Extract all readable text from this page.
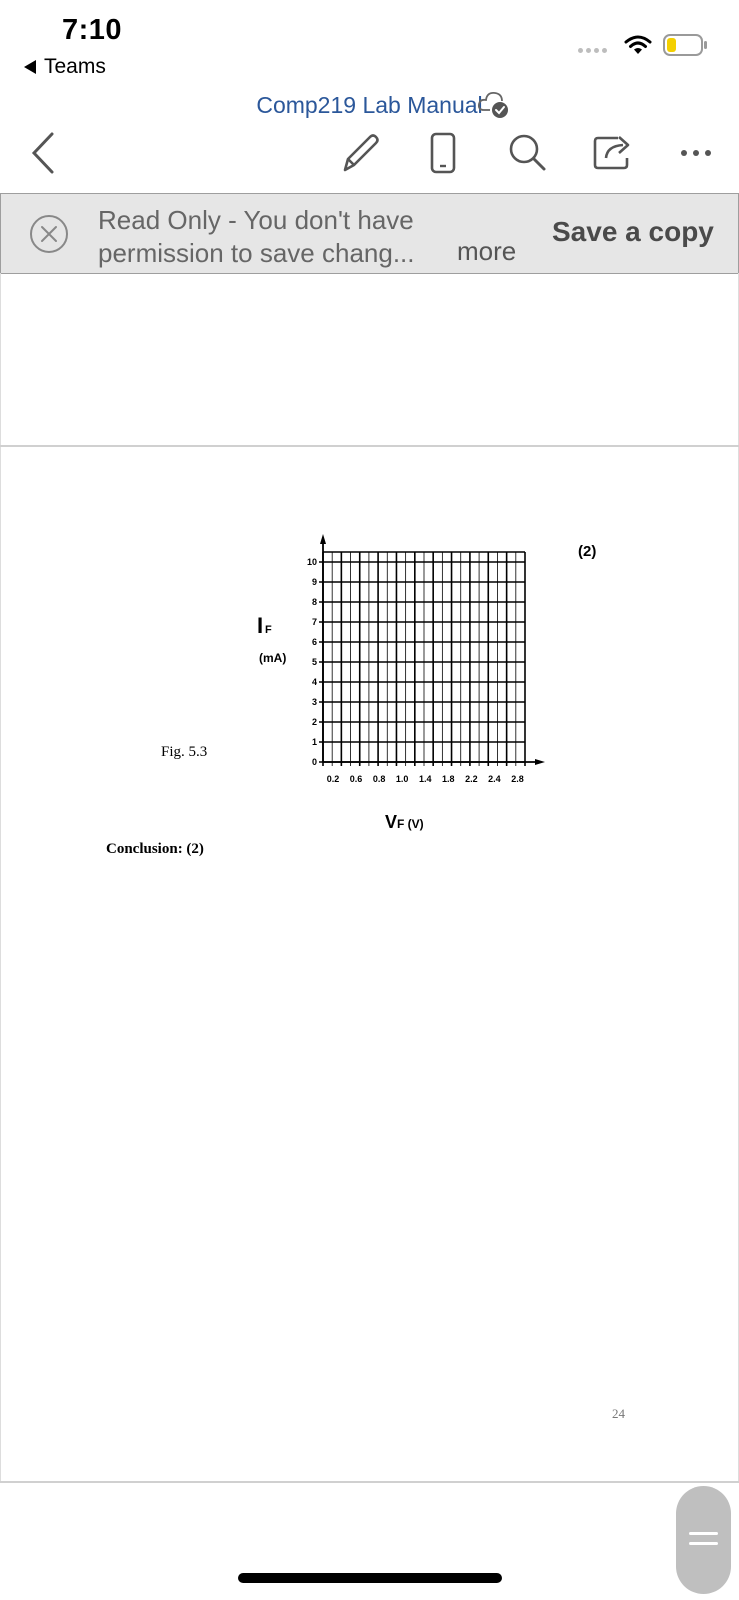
7:10
Teams
Comp219 Lab Manual
Read Only - You don't have
permission to save chang...	more
Save a copy
(2)
Fig. 5.3
Conclusion: (2)
24
0
1
2
3
4
5
6
7
8
9
10
0.2 0.6 0.8 1.0 1.4 1.8 2.2 2.4 2.8
I F
(mA)
VF (V)
